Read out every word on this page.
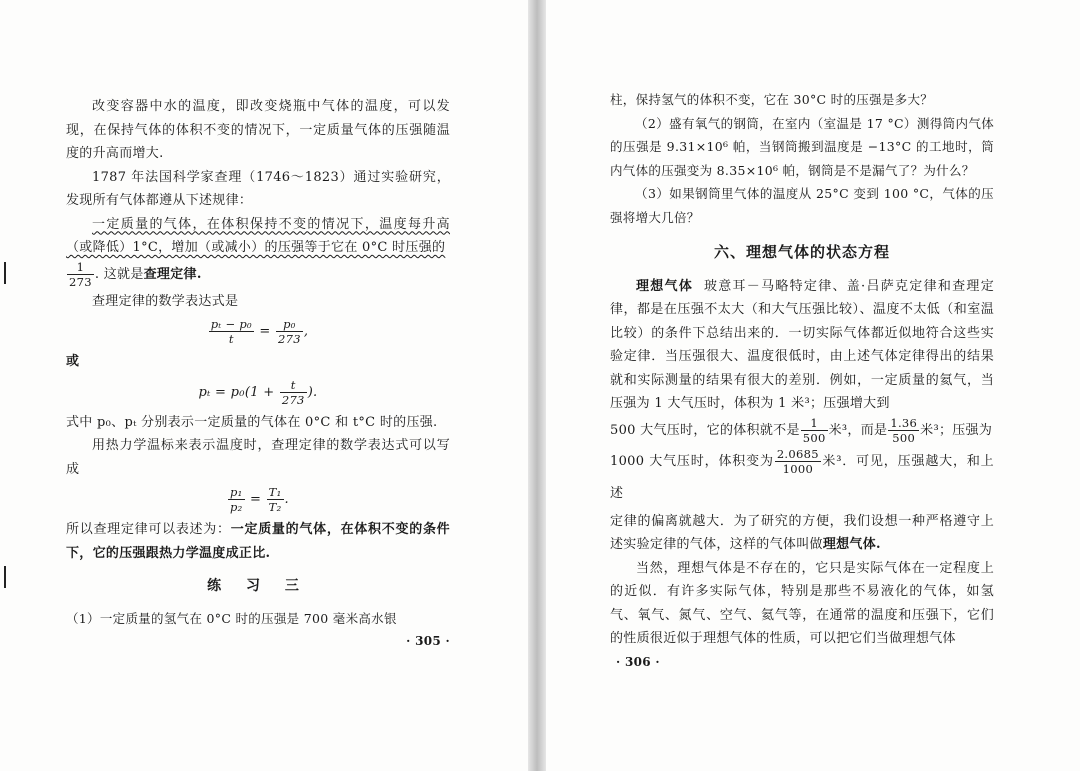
改变容器中水的温度，即改变烧瓶中气体的温度，可以发现，在保持气体的体积不变的情况下，一定质量气体的压强随温度的升高而增大.

1787 年法国科学家查理（1746～1823）通过实验研究，发现所有气体都遵从下述规律：

一定质量的气体，在体积保持不变的情况下，温度每升高（或降低）1°C，增加（或减小）的压强等于它在 0°C 时压强的

$\frac{1}{273}$ . 这就是查理定律.

查理定律的数学表达式是

$\frac{\text{pₜ − p₀}}{t} = \frac{\text{p₀}}{273}$ ,

或

$p_t = p_0(1 + \frac{t}{273}$ ).

式中 p₀、pₜ 分别表示一定质量的气体在 0°C 和 t°C 时的压强.

用热力学温标来表示温度时，查理定律的数学表达式可以写成

$\frac{\text{p₁}}{\text{p₂}} = \frac{\text{T₁}}{\text{T₂}}$ .

所以查理定律可以表述为：一定质量的气体，在体积不变的条件下，它的压强跟热力学温度成正比.

练 习 三

（1）一定质量的氢气在 0°C 时的压强是 700 毫米高水银

· 305 ·

柱，保持氢气的体积不变，它在 30°C 时的压强是多大？

（2）盛有氧气的钢筒，在室内（室温是 17 °C）测得筒内气体的压强是 9.31×10⁶ 帕，当钢筒搬到温度是 −13°C 的工地时，筒内气体的压强变为 8.35×10⁶ 帕，钢筒是不是漏气了？为什么？

（3）如果钢筒里气体的温度从 25°C 变到 100 °C，气体的压强将增大几倍？

六、理想气体的状态方程

理想气体 玻意耳－马略特定律、盖·吕萨克定律和查理定律，都是在压强不太大（和大气压强比较）、温度不太低（和室温比较）的条件下总结出来的．一切实际气体都近似地符合这些实验定律．当压强很大、温度很低时，由上述气体定律得出的结果就和实际测量的结果有很大的差别．例如，一定质量的氦气，当压强为 1 大气压时，体积为 1 米³；压强增大到

500 大气压时，它的体积就不是 $\frac{1}{500}$ 米³，而是 $\frac{1.36}{500}$ 米³；压强为

1000 大气压时，体积变为 $\frac{2.0685}{1000}$ 米³．可见，压强越大，和上述

定律的偏离就越大．为了研究的方便，我们设想一种严格遵守上述实验定律的气体，这样的气体叫做理想气体.

当然，理想气体是不存在的，它只是实际气体在一定程度上的近似．有许多实际气体，特别是那些不易液化的气体，如氢气、氧气、氮气、空气、氦气等，在通常的温度和压强下，它们的性质很近似于理想气体的性质，可以把它们当做理想气体

· 306 ·
